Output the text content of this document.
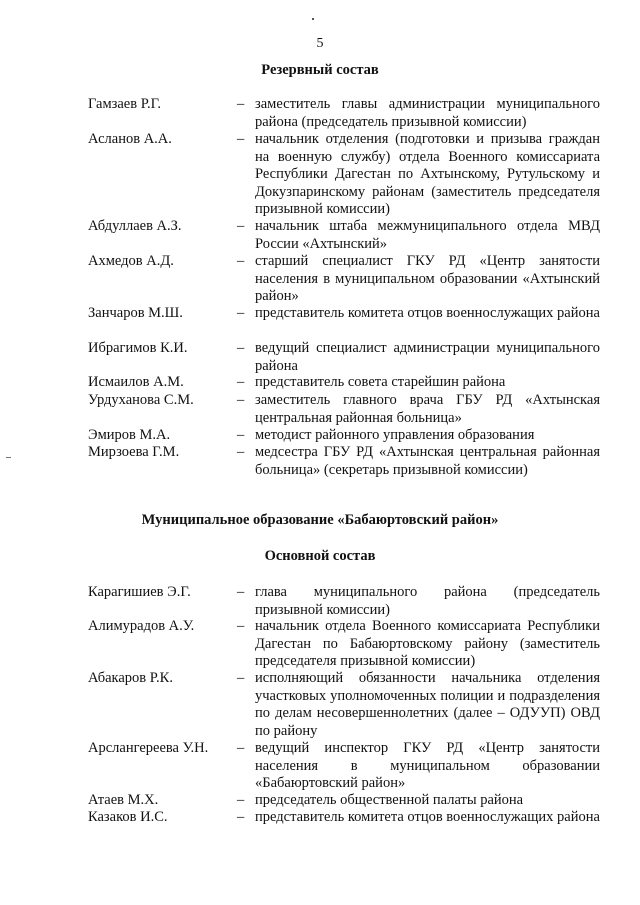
5
Резервный состав
Гамзаев Р.Г.	– заместитель главы администрации муниципального района (председатель призывной комиссии)
Асланов А.А.	– начальник отделения (подготовки и призыва граждан на военную службу) отдела Военного комиссариата Республики Дагестан по Ахтынскому, Рутульскому и Докузпаринскому районам (заместитель председателя призывной комиссии)
Абдуллаев А.З.	– начальник штаба межмуниципального отдела МВД России «Ахтынский»
Ахмедов А.Д.	– старший специалист ГКУ РД «Центр занятости населения в муниципальном образовании «Ахтынский район»
Занчаров М.Ш.	– представитель комитета отцов военнослужащих района
Ибрагимов К.И.	– ведущий специалист администрации муниципального района
Исмаилов А.М.	– представитель совета старейшин района
Урдуханова С.М.	– заместитель главного врача ГБУ РД «Ахтынская центральная районная больница»
Эмиров М.А.	– методист районного управления образования
Мирзоева Г.М.	– медсестра ГБУ РД «Ахтынская центральная районная больница» (секретарь призывной комиссии)
Муниципальное образование «Бабаюртовский район»
Основной состав
Карагишиев Э.Г.	– глава муниципального района (председатель призывной комиссии)
Алимурадов А.У.	– начальник отдела Военного комиссариата Республики Дагестан по Бабаюртовскому району (заместитель председателя призывной комиссии)
Абакаров Р.К.	– исполняющий обязанности начальника отделения участковых уполномоченных полиции и подразделения по делам несовершеннолетних (далее – ОДУУП) ОВД по району
Арслангереева У.Н.	– ведущий инспектор ГКУ РД «Центр занятости населения в муниципальном образовании «Бабаюртовский район»
Атаев М.Х.	– председатель общественной палаты района
Казаков И.С.	– представитель комитета отцов военнослужащих района
